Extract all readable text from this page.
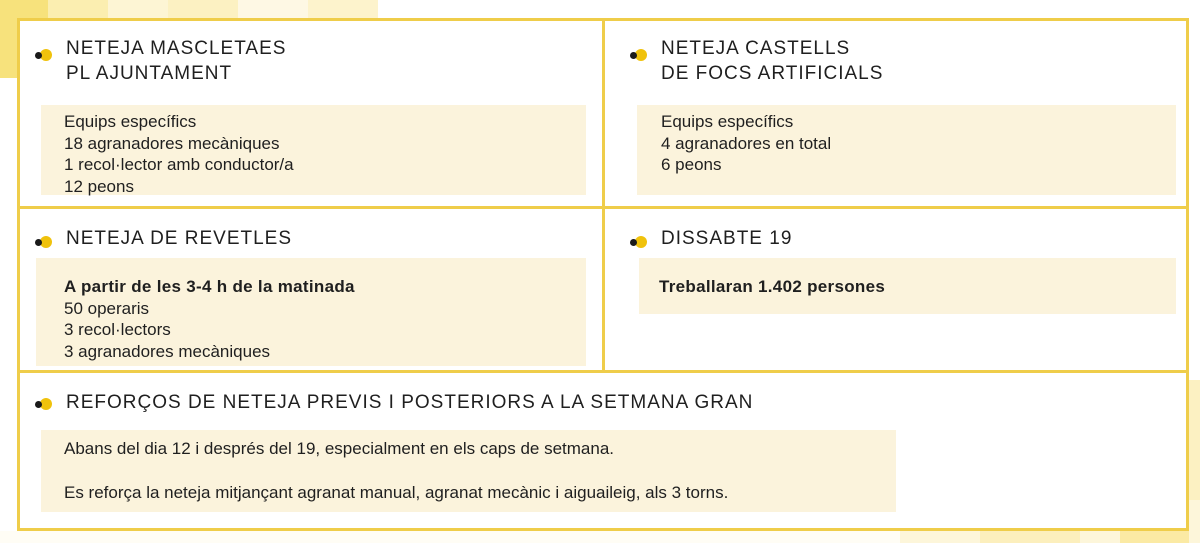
NETEJA MASCLETAES
PL AJUNTAMENT

Equips específics

18 agranadores mecàniques

1 recol·lector amb conductor/a

12 peons

NETEJA CASTELLS
DE FOCS ARTIFICIALS

Equips específics

4 agranadores en total

6 peons

NETEJA DE REVETLES

A partir de les 3-4 h de la matinada

50 operaris

3 recol·lectors

3 agranadores mecàniques

DISSABTE 19

Treballaran 1.402 persones

REFORÇOS DE NETEJA PREVIS I POSTERIORS A LA SETMANA GRAN

Abans del dia 12 i després del 19, especialment en els caps de setmana.

Es reforça la neteja mitjançant agranat manual, agranat mecànic i aiguaileig, als 3 torns.
